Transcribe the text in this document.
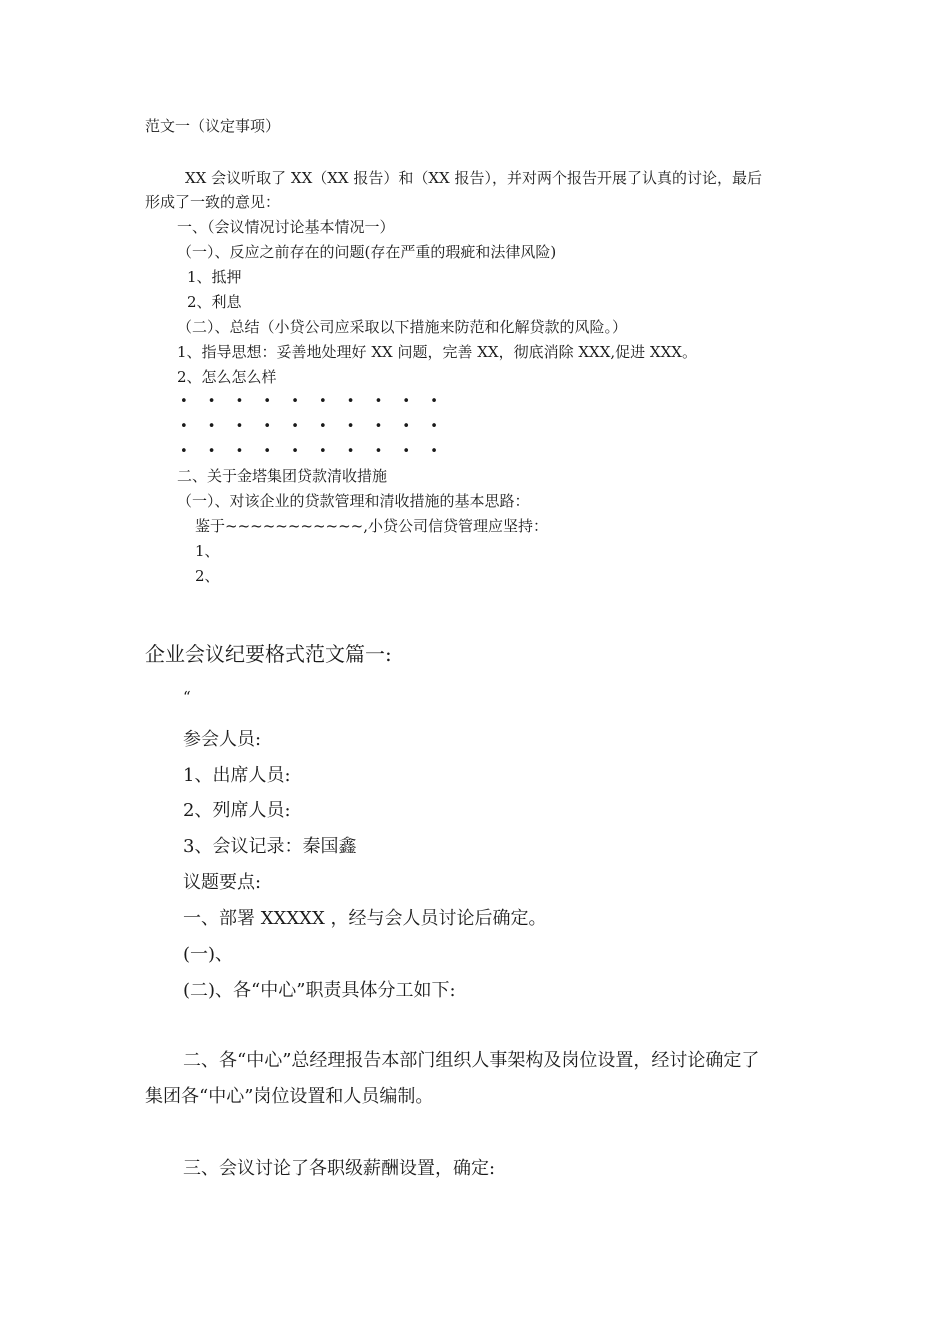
范文一（议定事项）
XX 会议听取了 XX（XX 报告）和（XX 报告），并对两个报告开展了认真的讨论，最后
形成了一致的意见：
一、（会议情况讨论基本情况一）
（一）、反应之前存在的问题(存在严重的瑕疵和法律风险)
1、抵押
2、利息
（二）、总结（小贷公司应采取以下措施来防范和化解贷款的风险。）
1、指导思想：妥善地处理好 XX 问题，完善 XX，彻底消除 XXX,促进 XXX。
2、怎么怎么样
• • • • • • • • • •
• • • • • • • • • •
• • • • • • • • • •
二、关于金塔集团贷款清收措施
（一）、对该企业的贷款管理和清收措施的基本思路：
鉴于~~~~~~~~~~~,小贷公司信贷管理应坚持：
1、
2、
企业会议纪要格式范文篇一:
“
参会人员:
1、出席人员:
2、列席人员:
3、会议记录：秦国鑫
议题要点:
一、部署 XXXXX ，经与会人员讨论后确定。
(一)、
(二)、各“中心”职责具体分工如下:
二、各“中心”总经理报告本部门组织人事架构及岗位设置，经讨论确定了
集团各“中心”岗位设置和人员编制。
三、会议讨论了各职级薪酬设置，确定:
